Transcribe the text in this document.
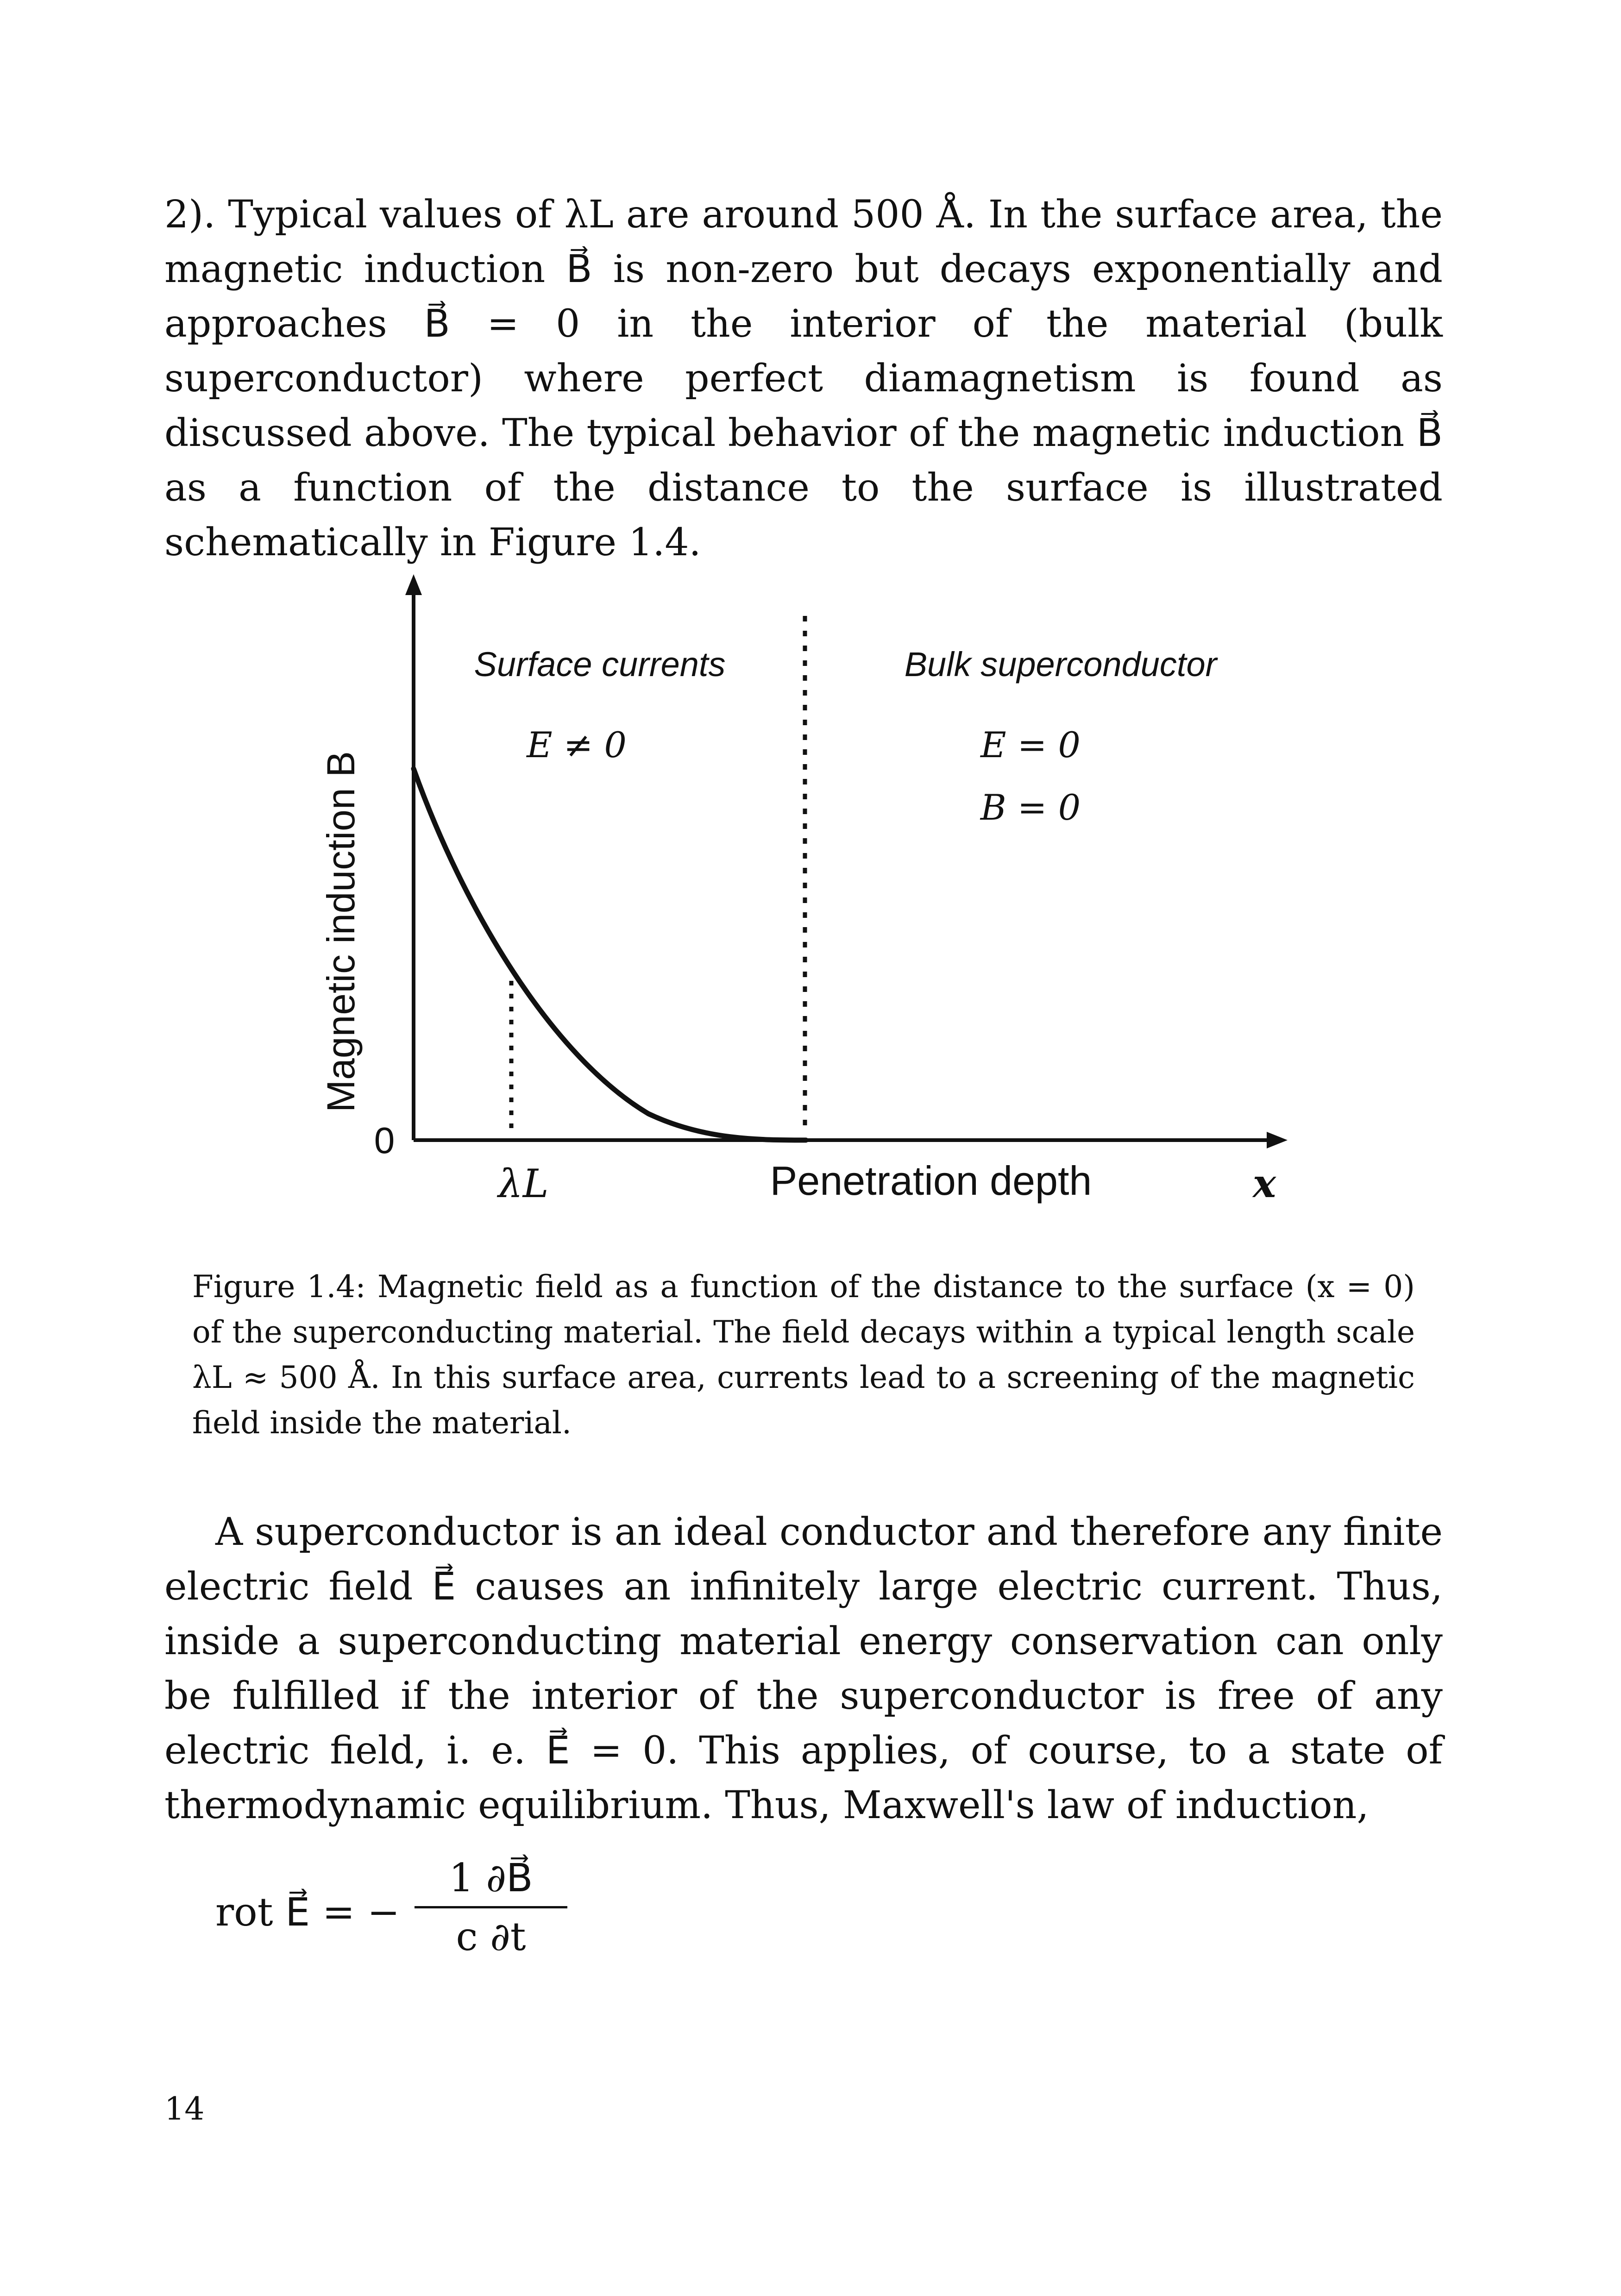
2). Typical values of λL are around 500 Å. In the surface area, the magnetic induction B⃗ is non-zero but decays exponentially and approaches B⃗ = 0 in the interior of the material (bulk superconductor) where perfect diamagnetism is found as discussed above. The typical behavior of the magnetic induction B⃗ as a function of the distance to the surface is illustrated schematically in Figure 1.4.

Magnetic induction B
0
λL	Penetration depth	x
Surface currents
E ≠ 0
Bulk superconductor
E = 0
B = 0

Figure 1.4: Magnetic field as a function of the distance to the surface (x = 0) of the superconducting material. The field decays within a typical length scale λL ≈ 500 Å. In this surface area, currents lead to a screening of the magnetic field inside the material.

A superconductor is an ideal conductor and therefore any finite electric field E⃗ causes an infinitely large electric current. Thus, inside a superconducting material energy conservation can only be fulfilled if the interior of the superconductor is free of any electric field, i. e. E⃗ = 0. This applies, of course, to a state of thermodynamic equilibrium. Thus, Maxwell's law of induction,

rot E⃗ = −
1 ∂B⃗
c ∂t
14
